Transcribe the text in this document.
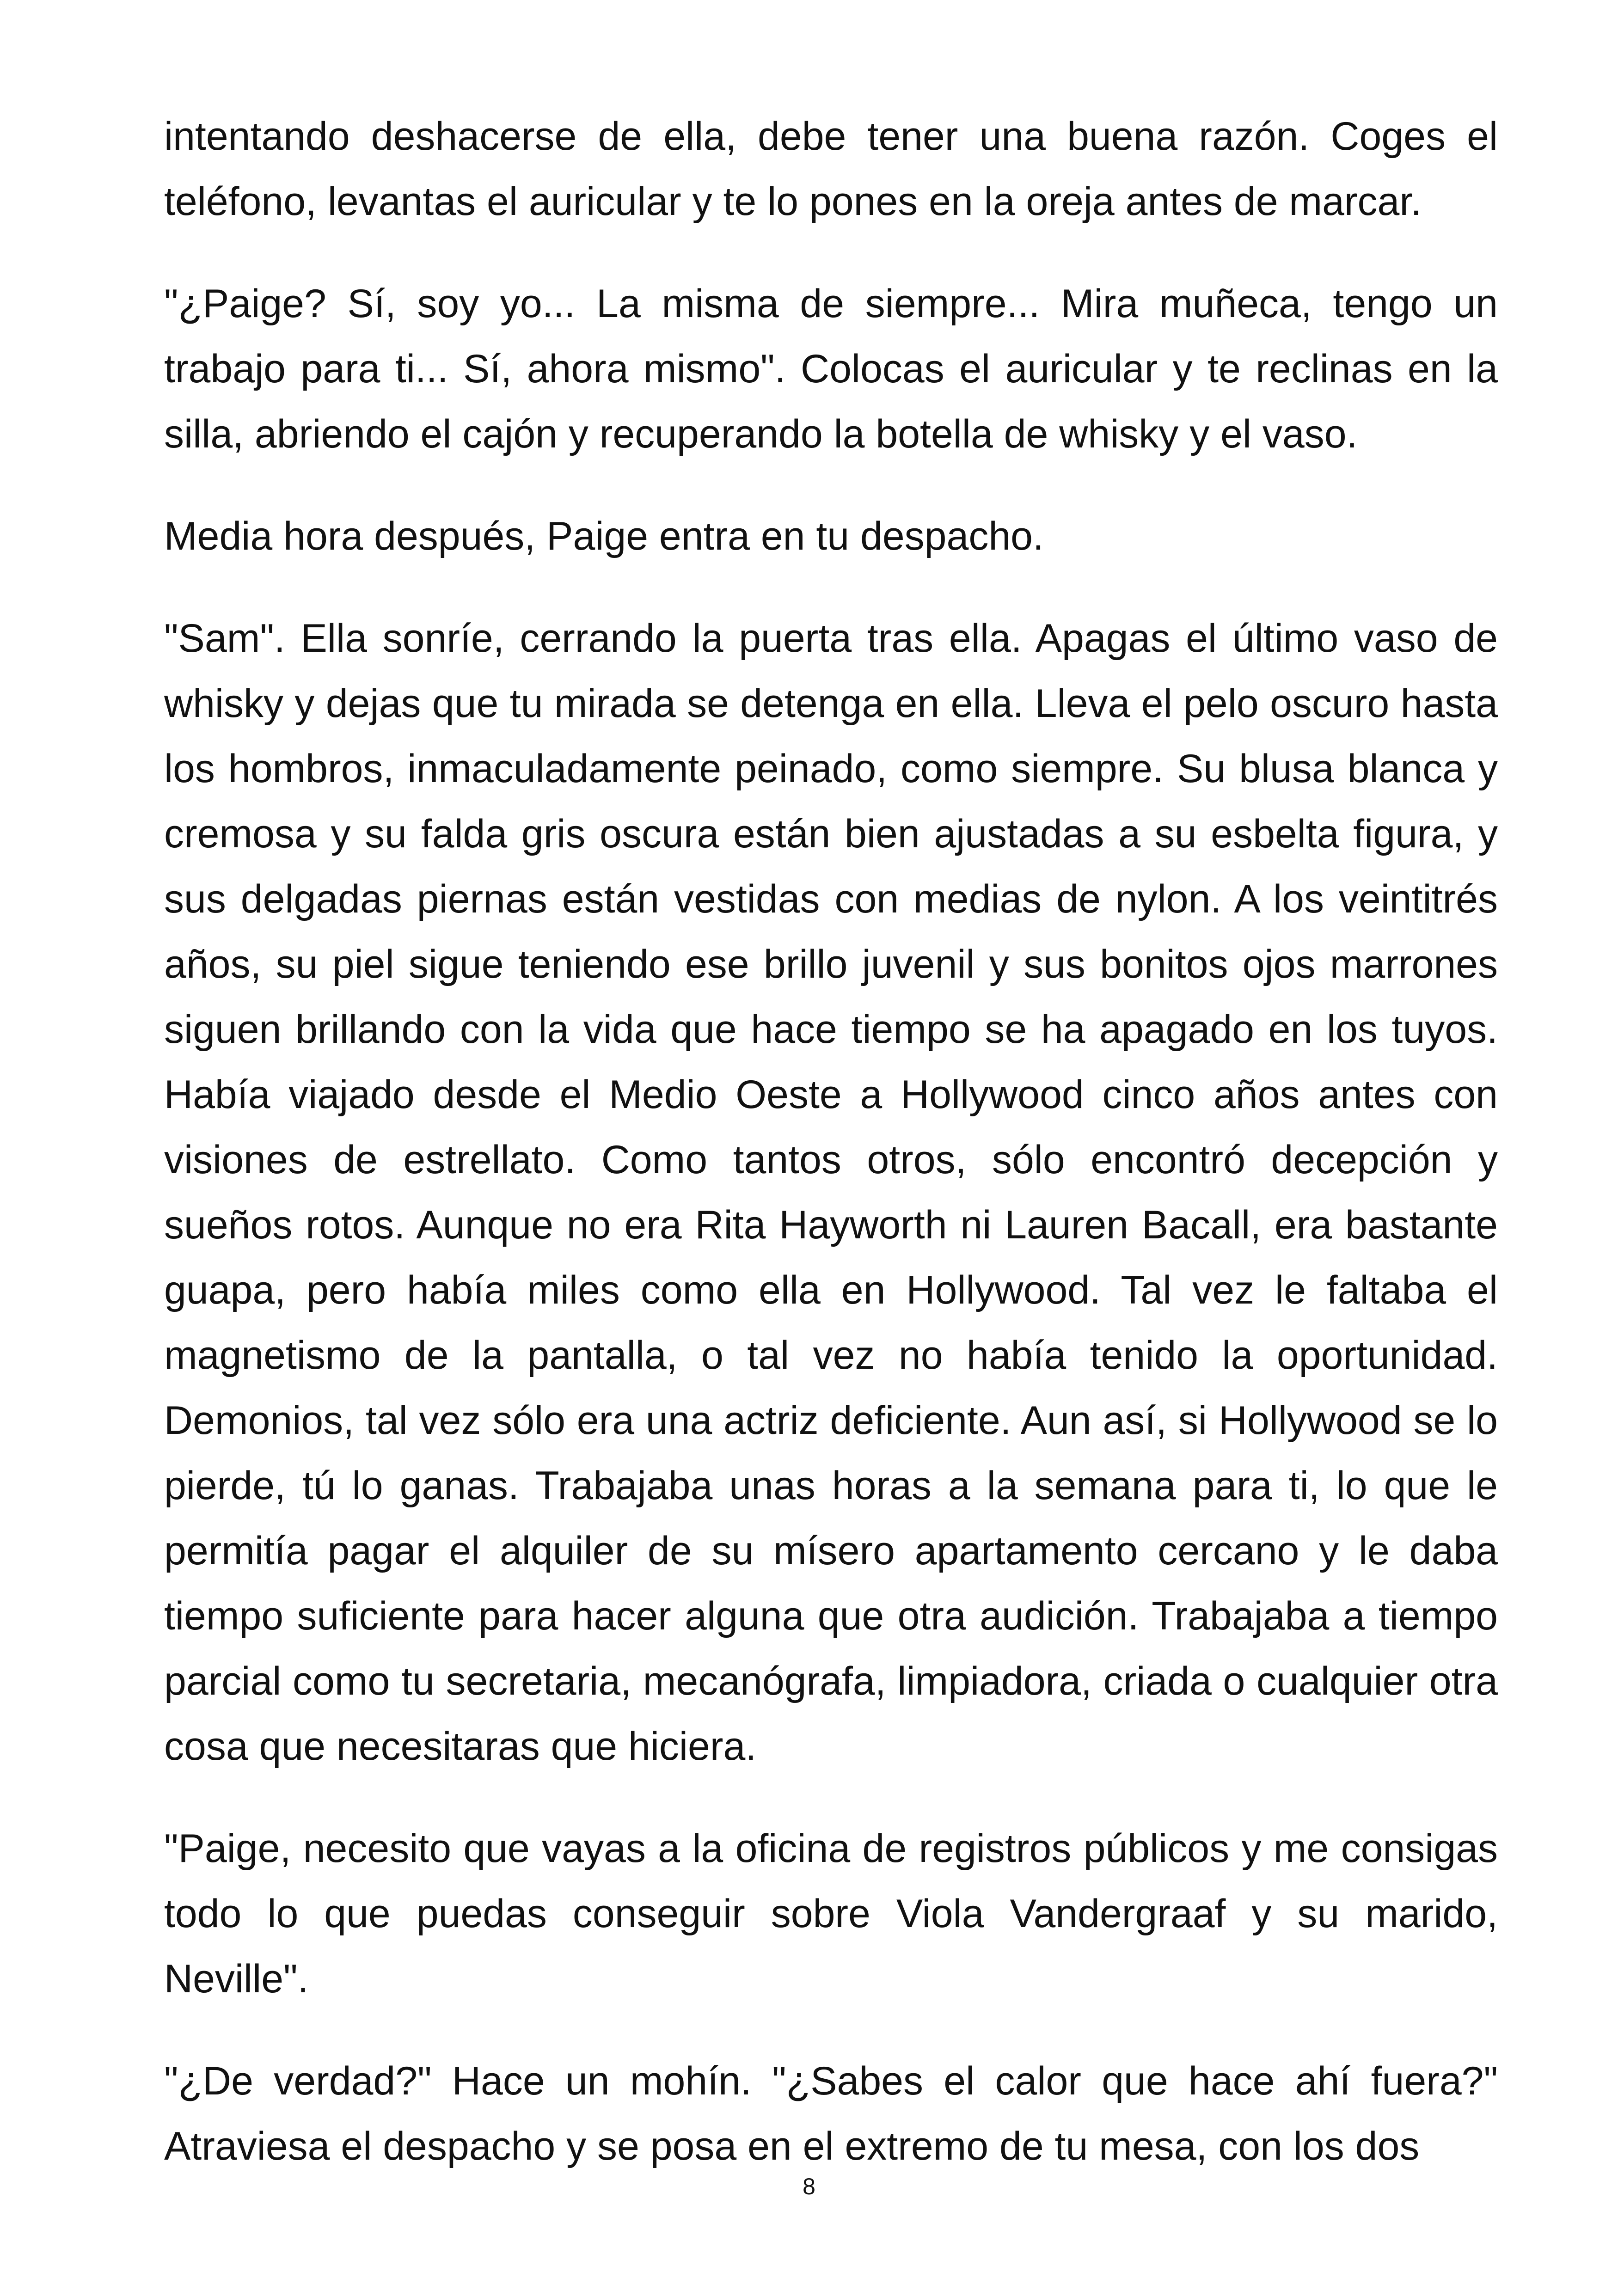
intentando deshacerse de ella, debe tener una buena razón. Coges el teléfono, levantas el auricular y te lo pones en la oreja antes de marcar.

"¿Paige? Sí, soy yo... La misma de siempre... Mira muñeca, tengo un trabajo para ti... Sí, ahora mismo". Colocas el auricular y te reclinas en la silla, abriendo el cajón y recuperando la botella de whisky y el vaso.

Media hora después, Paige entra en tu despacho.

"Sam". Ella sonríe, cerrando la puerta tras ella. Apagas el último vaso de whisky y dejas que tu mirada se detenga en ella. Lleva el pelo oscuro hasta los hombros, inmaculadamente peinado, como siempre. Su blusa blanca y cremosa y su falda gris oscura están bien ajustadas a su esbelta figura, y sus delgadas piernas están vestidas con medias de nylon. A los veintitrés años, su piel sigue teniendo ese brillo juvenil y sus bonitos ojos marrones siguen brillando con la vida que hace tiempo se ha apagado en los tuyos. Había viajado desde el Medio Oeste a Hollywood cinco años antes con visiones de estrellato. Como tantos otros, sólo encontró decepción y sueños rotos. Aunque no era Rita Hayworth ni Lauren Bacall, era bastante guapa, pero había miles como ella en Hollywood. Tal vez le faltaba el magnetismo de la pantalla, o tal vez no había tenido la oportunidad. Demonios, tal vez sólo era una actriz deficiente. Aun así, si Hollywood se lo pierde, tú lo ganas. Trabajaba unas horas a la semana para ti, lo que le permitía pagar el alquiler de su mísero apartamento cercano y le daba tiempo suficiente para hacer alguna que otra audición. Trabajaba a tiempo parcial como tu secretaria, mecanógrafa, limpiadora, criada o cualquier otra cosa que necesitaras que hiciera.

"Paige, necesito que vayas a la oficina de registros públicos y me consigas todo lo que puedas conseguir sobre Viola Vandergraaf y su marido, Neville".

"¿De verdad?" Hace un mohín. "¿Sabes el calor que hace ahí fuera?" Atraviesa el despacho y se posa en el extremo de tu mesa, con los dos

8
